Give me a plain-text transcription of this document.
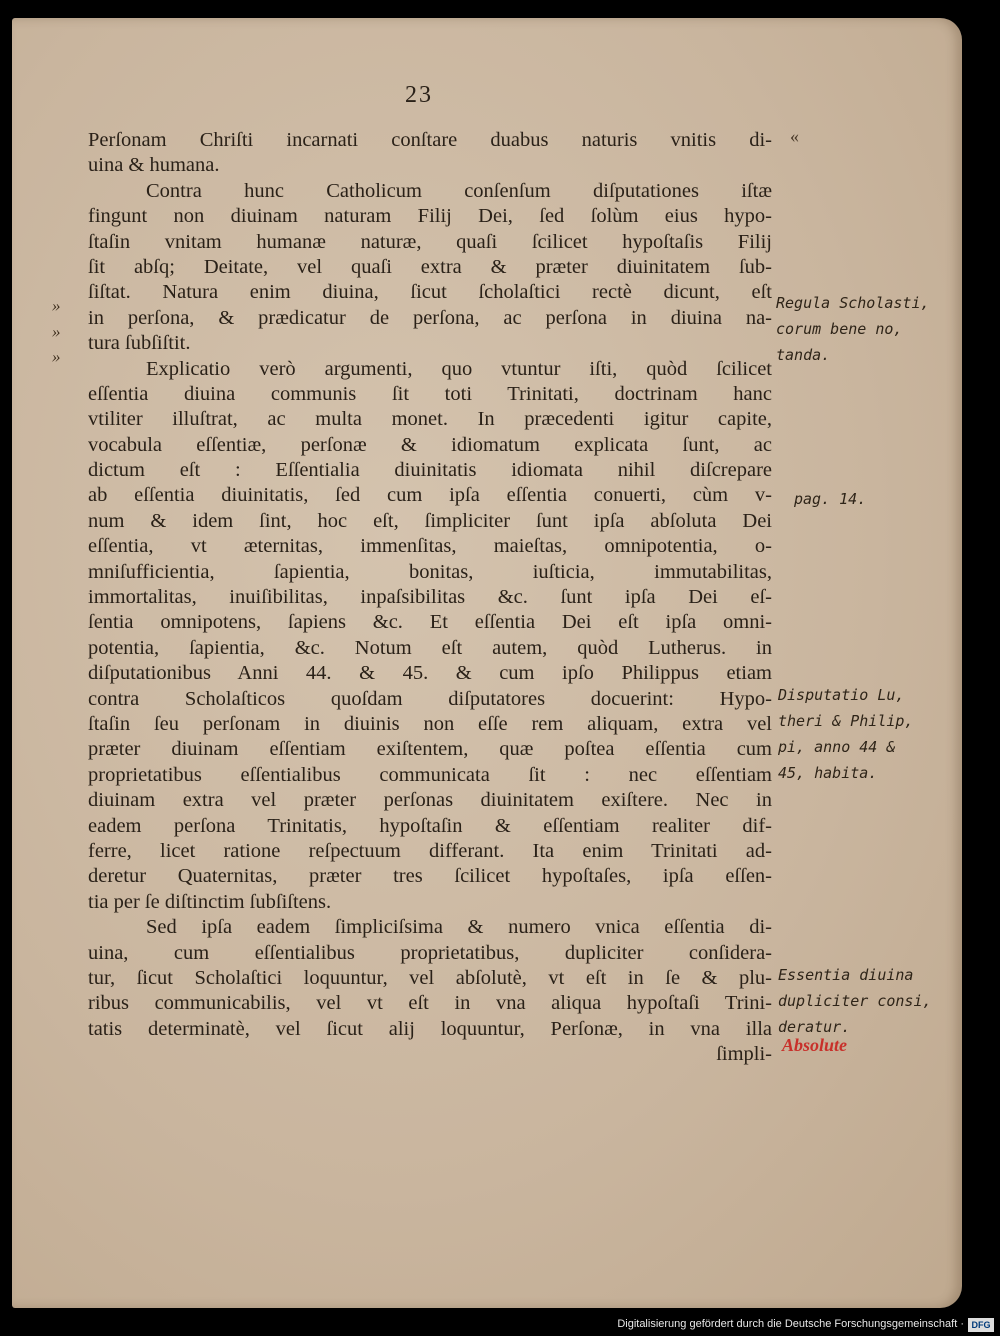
23
«
»
»
»
Perſonam Chriſti incarnati conſtare duabus naturis vnitis di-
uina & humana.
Contra hunc Catholicum conſenſum diſputationes iſtæ
fingunt non diuinam naturam Filij Dei, ſed ſolùm eius hypo-
ſtaſin vnitam humanæ naturæ, quaſi ſcilicet hypoſtaſis Filij
ſit abſq; Deitate, vel quaſi extra & præter diuinitatem ſub-
ſiſtat. Natura enim diuina, ſicut ſcholaſtici rectè dicunt, eſt
in perſona, & prædicatur de perſona, ac perſona in diuina na-
tura ſubſiſtit.
Explicatio verò argumenti, quo vtuntur iſti, quòd ſcilicet
eſſentia diuina communis ſit toti Trinitati, doctrinam hanc
vtiliter illuſtrat, ac multa monet. In præcedenti igitur capite,
vocabula eſſentiæ, perſonæ & idiomatum explicata ſunt, ac
dictum eſt : Eſſentialia diuinitatis idiomata nihil diſcrepare
ab eſſentia diuinitatis, ſed cum ipſa eſſentia conuerti, cùm v-
num & idem ſint, hoc eſt, ſimpliciter ſunt ipſa abſoluta Dei
eſſentia, vt æternitas, immenſitas, maieſtas, omnipotentia, o-
mniſufficientia, ſapientia, bonitas, iuſticia, immutabilitas,
immortalitas, inuiſibilitas, inpaſsibilitas &c. ſunt ipſa Dei eſ-
ſentia omnipotens, ſapiens &c. Et eſſentia Dei eſt ipſa omni-
potentia, ſapientia, &c. Notum eſt autem, quòd Lutherus. in
diſputationibus Anni 44. & 45. & cum ipſo Philippus etiam
contra Scholaſticos quoſdam diſputatores docuerint: Hypo-
ſtaſin ſeu perſonam in diuinis non eſſe rem aliquam, extra vel
præter diuinam eſſentiam exiſtentem, quæ poſtea eſſentia cum
proprietatibus eſſentialibus communicata ſit : nec eſſentiam
diuinam extra vel præter perſonas diuinitatem exiſtere. Nec in
eadem perſona Trinitatis, hypoſtaſin & eſſentiam realiter dif-
ferre, licet ratione reſpectuum differant. Ita enim Trinitati ad-
deretur Quaternitas, præter tres ſcilicet hypoſtaſes, ipſa eſſen-
tia per ſe diſtinctim ſubſiſtens.
Sed ipſa eadem ſimpliciſsima & numero vnica eſſentia di-
uina, cum eſſentialibus proprietatibus, dupliciter conſidera-
tur, ſicut Scholaſtici loquuntur, vel abſolutè, vt eſt in ſe & plu-
ribus communicabilis, vel vt eſt in vna aliqua hypoſtaſi Trini-
tatis determinatè, vel ſicut alij loquuntur, Perſonæ, in vna illa
ſimpli-
Regula Scholasti,
corum bene no,
tanda.
pag. 14.
Disputatio Lu,
theri & Philip,
pi, anno 44 &
45, habita.
Essentia diuina
dupliciter consi,
deratur.
Absolute
Digitalisierung gefördert durch die Deutsche Forschungsgemeinschaft · DFG
